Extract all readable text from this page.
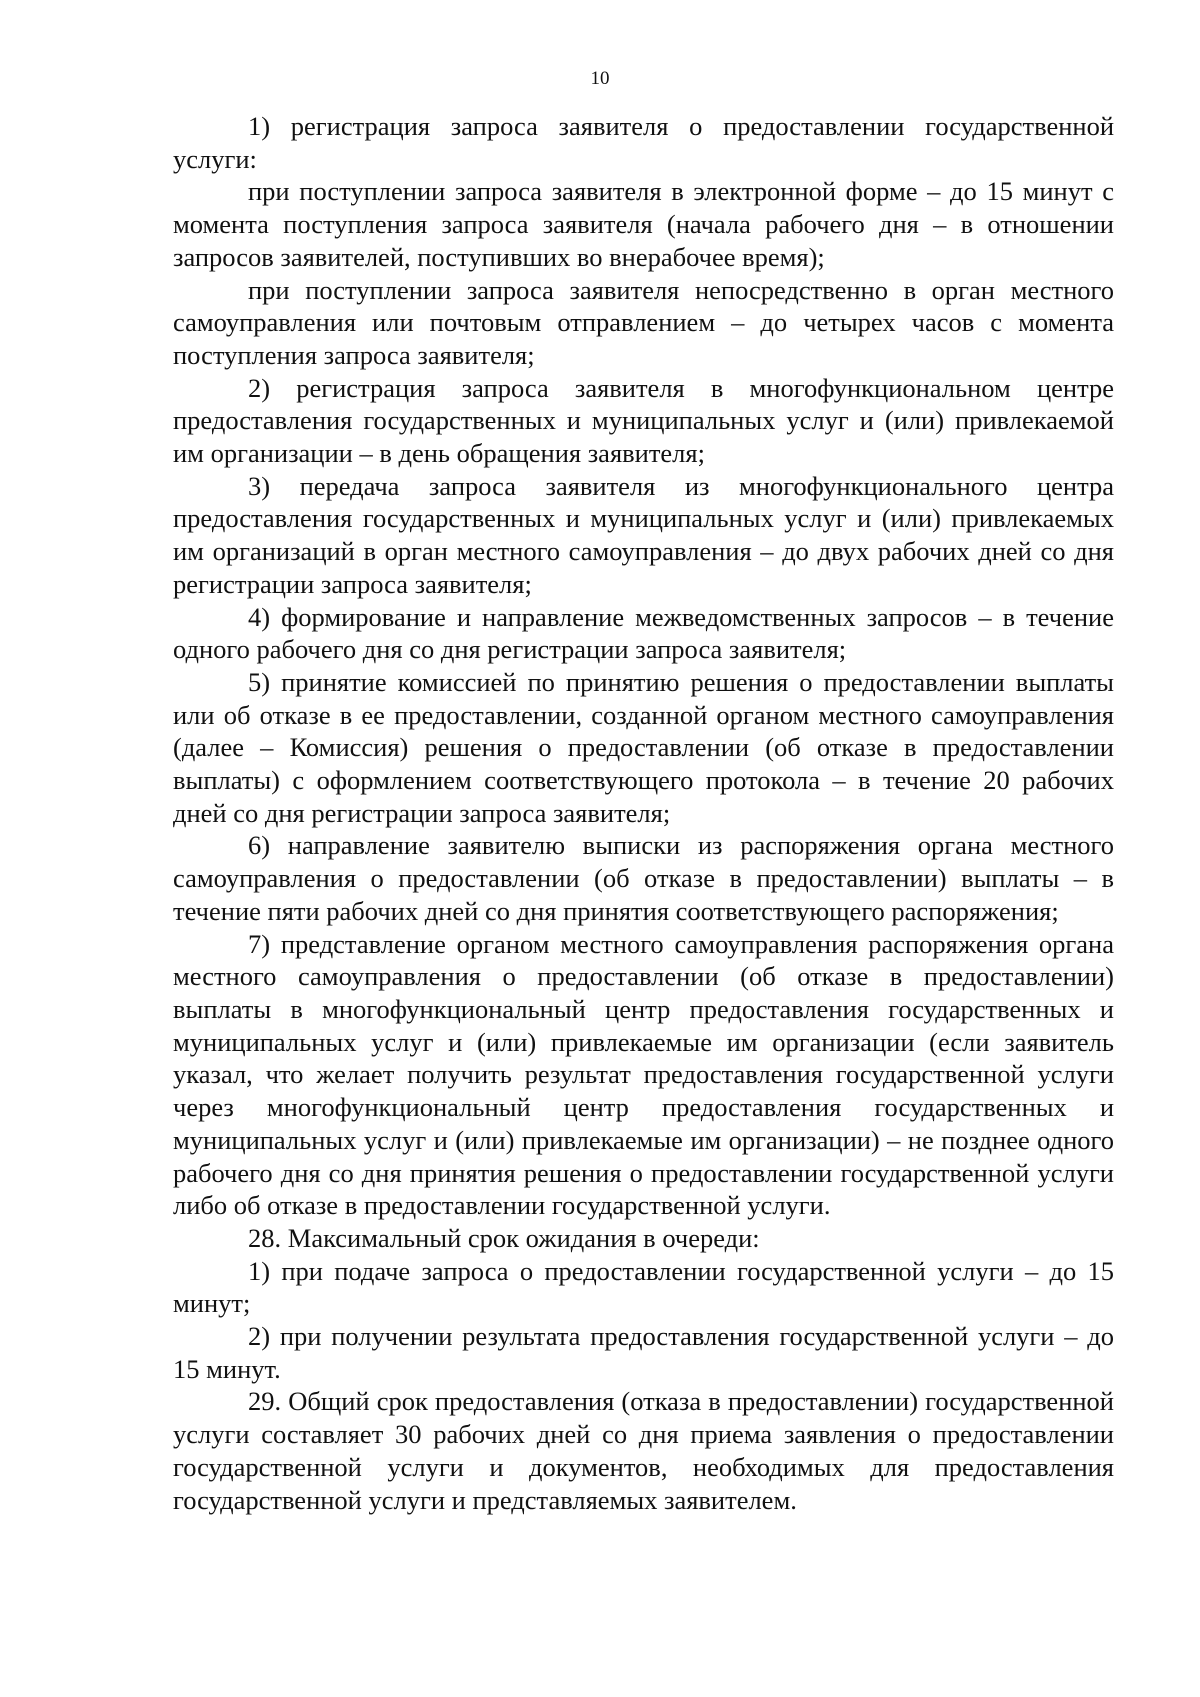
10

1) регистрация запроса заявителя о предоставлении государственной услуги:

при поступлении запроса заявителя в электронной форме – до 15 минут с момента поступления запроса заявителя (начала рабочего дня – в отношении запросов заявителей, поступивших во внерабочее время);

при поступлении запроса заявителя непосредственно в орган местного самоуправления или почтовым отправлением – до четырех часов с момента поступления запроса заявителя;

2) регистрация запроса заявителя в многофункциональном центре предоставления государственных и муниципальных услуг и (или) привлекаемой им организации – в день обращения заявителя;

3) передача запроса заявителя из многофункционального центра предоставления государственных и муниципальных услуг и (или) привлекаемых им организаций в орган местного самоуправления – до двух рабочих дней со дня регистрации запроса заявителя;

4) формирование и направление межведомственных запросов – в течение одного рабочего дня со дня регистрации запроса заявителя;

5) принятие комиссией по принятию решения о предоставлении выплаты или об отказе в ее предоставлении, созданной органом местного самоуправления (далее – Комиссия) решения о предоставлении (об отказе в предоставлении выплаты) с оформлением соответствующего протокола – в течение 20 рабочих дней со дня регистрации запроса заявителя;

6) направление заявителю выписки из распоряжения органа местного самоуправления о предоставлении (об отказе в предоставлении) выплаты – в течение пяти рабочих дней со дня принятия соответствующего распоряжения;

7) представление органом местного самоуправления распоряжения органа местного самоуправления о предоставлении (об отказе в предоставлении) выплаты в многофункциональный центр предоставления государственных и муниципальных услуг и (или) привлекаемые им организации (если заявитель указал, что желает получить результат предоставления государственной услуги через многофункциональный центр предоставления государственных и муниципальных услуг и (или) привлекаемые им организации) – не позднее одного рабочего дня со дня принятия решения о предоставлении государственной услуги либо об отказе в предоставлении государственной услуги.

28. Максимальный срок ожидания в очереди:

1) при подаче запроса о предоставлении государственной услуги – до 15 минут;

2) при получении результата предоставления государственной услуги – до 15 минут.

29. Общий срок предоставления (отказа в предоставлении) государственной услуги составляет 30 рабочих дней со дня приема заявления о предоставлении государственной услуги и документов, необходимых для предоставления государственной услуги и представляемых заявителем.
